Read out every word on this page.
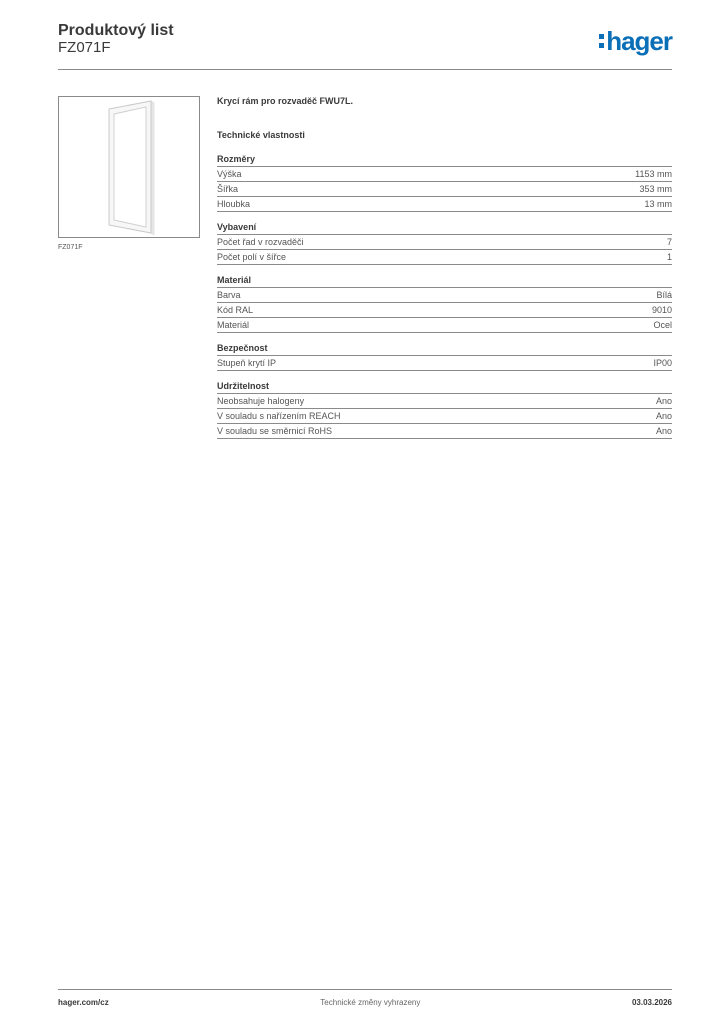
Produktový list
FZ071F	hager
FZ071F
Krycí rám pro rozvaděč FWU7L.
Technické vlastnosti
Rozměry
Výška	1153 mm
Šířka	353 mm
Hloubka	13 mm
Vybavení
Počet řad v rozvaděči	7
Počet polí v šířce	1
Materiál
Barva	Bílá
Kód RAL	9010
Materiál	Ocel
Bezpečnost
Stupeň krytí IP	IP00
Udržitelnost
Neobsahuje halogeny	Ano
V souladu s nařízením REACH	Ano
V souladu se směrnicí RoHS	Ano
hager.com/cz	Technické změny vyhrazeny	03.03.2026
